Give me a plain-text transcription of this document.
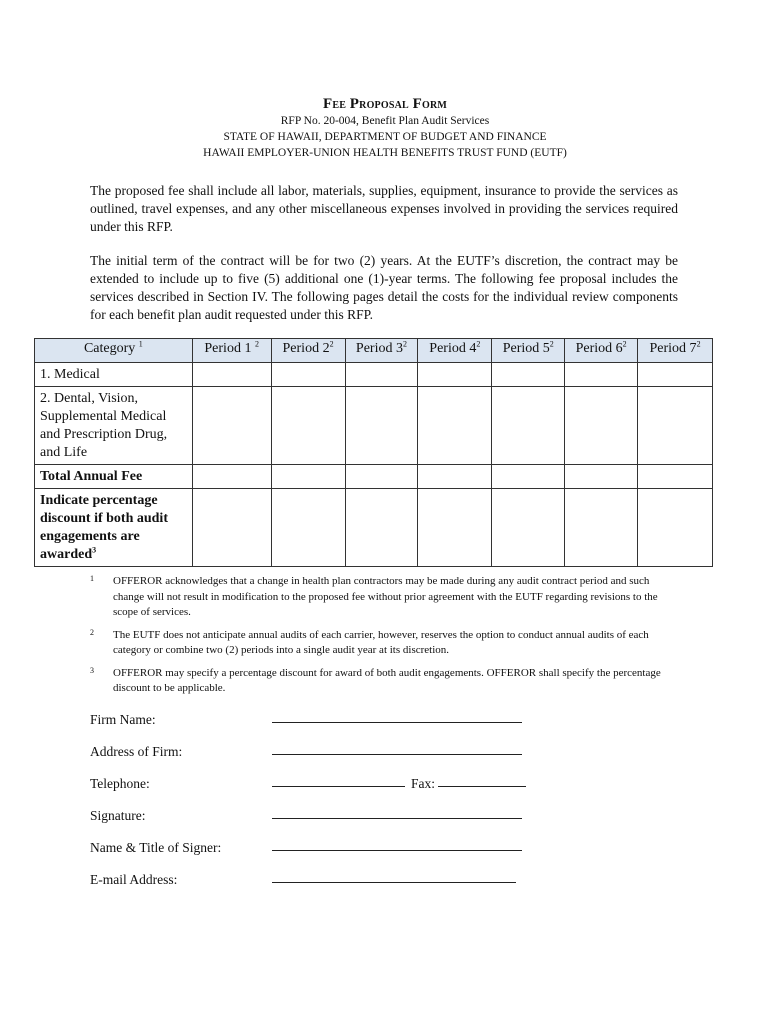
Fee Proposal Form
RFP No. 20-004, Benefit Plan Audit Services
STATE OF HAWAII, DEPARTMENT OF BUDGET AND FINANCE
HAWAII EMPLOYER-UNION HEALTH BENEFITS TRUST FUND (EUTF)
The proposed fee shall include all labor, materials, supplies, equipment, insurance to provide the services as outlined, travel expenses, and any other miscellaneous expenses involved in providing the services required under this RFP.
The initial term of the contract will be for two (2) years. At the EUTF’s discretion, the contract may be extended to include up to five (5) additional one (1)-year terms. The following fee proposal includes the services described in Section IV. The following pages detail the costs for the individual review components for each benefit plan audit requested under this RFP.
Category $^1$	Period 1 $^2$	Period $2^2$	Period $3^2$	Period $4^2$	Period $5^2$	Period $6^2$	Period $7^2$
1. Medical							
2. Dental, Vision, Supplemental Medical and Prescription Drug, and Life							
Total Annual Fee							
Indicate percentage discount if both audit engagements are awarded$^3$							
1 OFFEROR acknowledges that a change in health plan contractors may be made during any audit contract period and such change will not result in modification to the proposed fee without prior agreement with the EUTF regarding revisions to the scope of services.
2 The EUTF does not anticipate annual audits of each carrier, however, reserves the option to conduct annual audits of each category or combine two (2) periods into a single audit year at its discretion.
3 OFFEROR may specify a percentage discount for award of both audit engagements. OFFEROR shall specify the percentage discount to be applicable.
Firm Name:
Address of Firm:
Telephone:	Fax:
Signature:
Name & Title of Signer:
E-mail Address:
